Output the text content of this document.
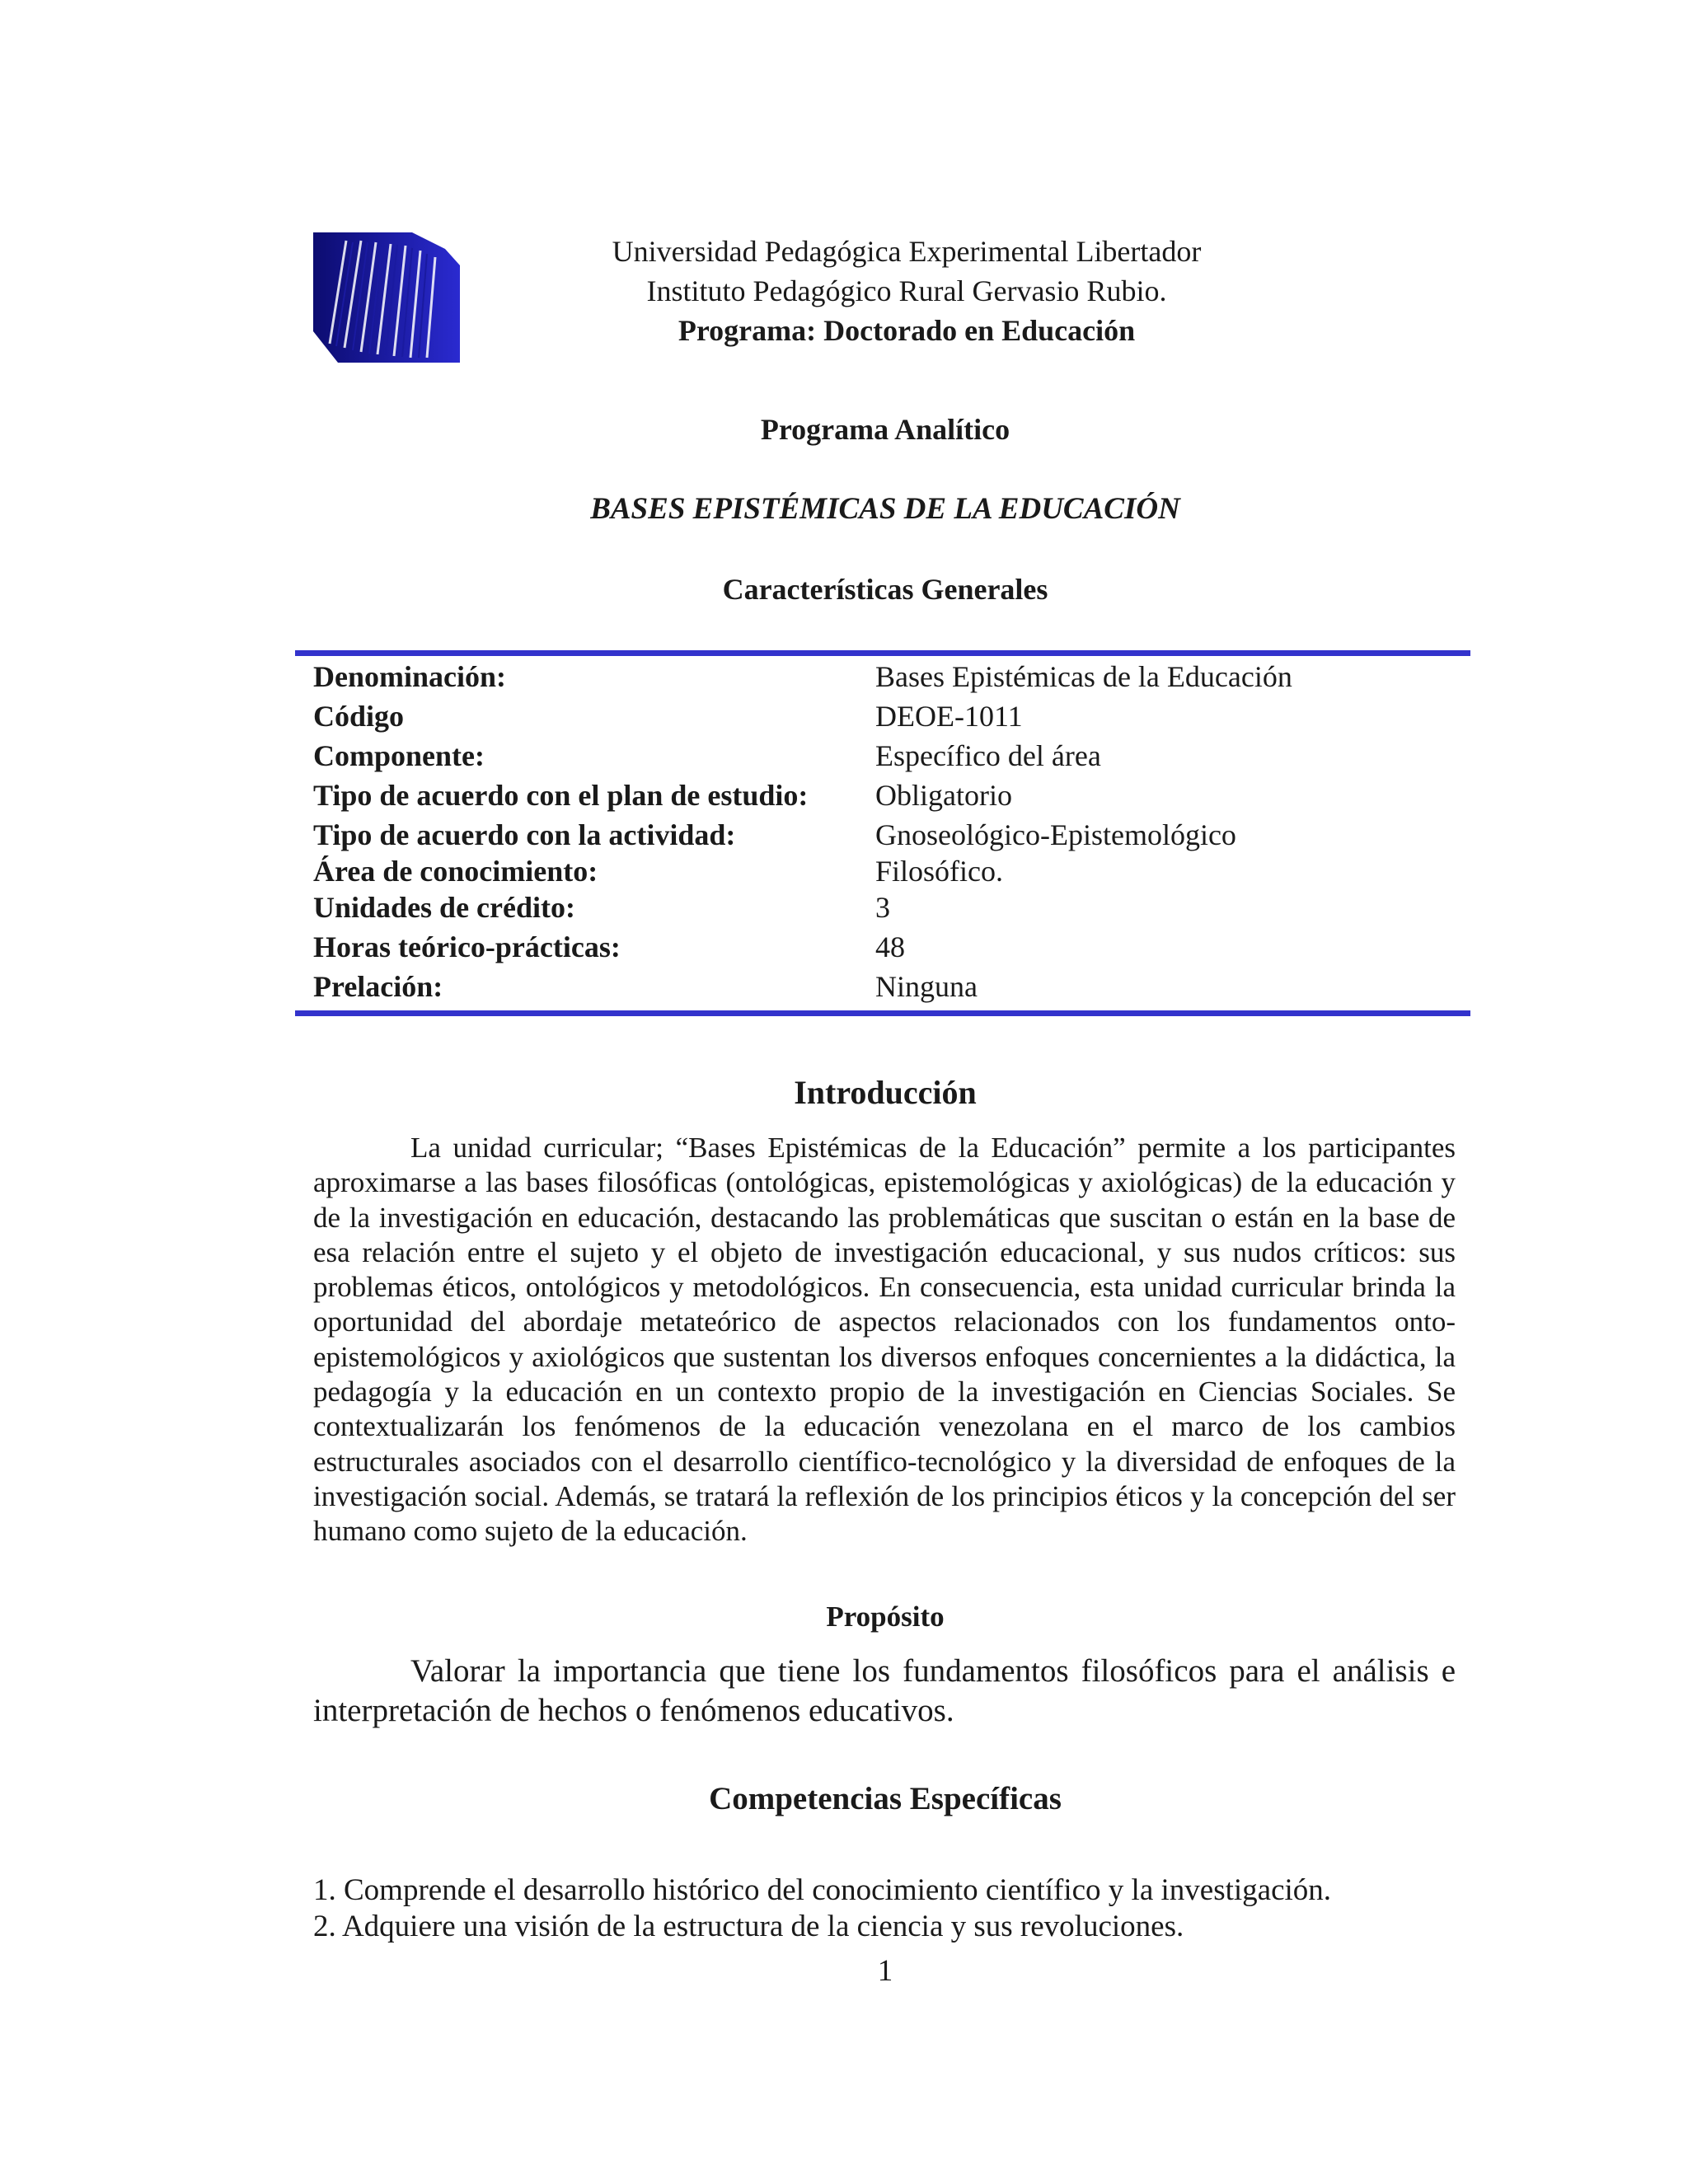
Universidad Pedagógica Experimental Libertador
Instituto Pedagógico Rural Gervasio Rubio.
Programa: Doctorado en Educación
Programa Analítico
BASES EPISTÉMICAS DE LA EDUCACIÓN
Características Generales
Denominación:	Bases Epistémicas de la Educación
Código	DEOE-1011
Componente:	Específico del área
Tipo de acuerdo con el plan de estudio: Obligatorio
Tipo de acuerdo con la actividad:	Gnoseológico-Epistemológico
Área de conocimiento:	Filosófico.
Unidades de crédito:	3
Horas teórico-prácticas:	48
Prelación:	Ninguna
Introducción

La unidad curricular; “Bases Epistémicas de la Educación” permite a los participantes aproximarse a las bases filosóficas (ontológicas, epistemológicas y axiológicas) de la educación y de la investigación en educación, destacando las problemáticas que suscitan o están en la base de esa relación entre el sujeto y el objeto de investigación educacional, y sus nudos críticos: sus problemas éticos, ontológicos y metodológicos. En consecuencia, esta unidad curricular brinda la oportunidad del abordaje metateórico de aspectos relacionados con los fundamentos onto-epistemológicos y axiológicos que sustentan los diversos enfoques concernientes a la didáctica, la pedagogía y la educación en un contexto propio de la investigación en Ciencias Sociales. Se contextualizarán los fenómenos de la educación venezolana en el marco de los cambios estructurales asociados con el desarrollo científico-tecnológico y la diversidad de enfoques de la investigación social. Además, se tratará la reflexión de los principios éticos y la concepción del ser humano como sujeto de la educación.

Propósito

Valorar la importancia que tiene los fundamentos filosóficos para el análisis e interpretación de hechos o fenómenos educativos.

Competencias Específicas
1. Comprende el desarrollo histórico del conocimiento científico y la investigación.
2. Adquiere una visión de la estructura de la ciencia y sus revoluciones.
1
